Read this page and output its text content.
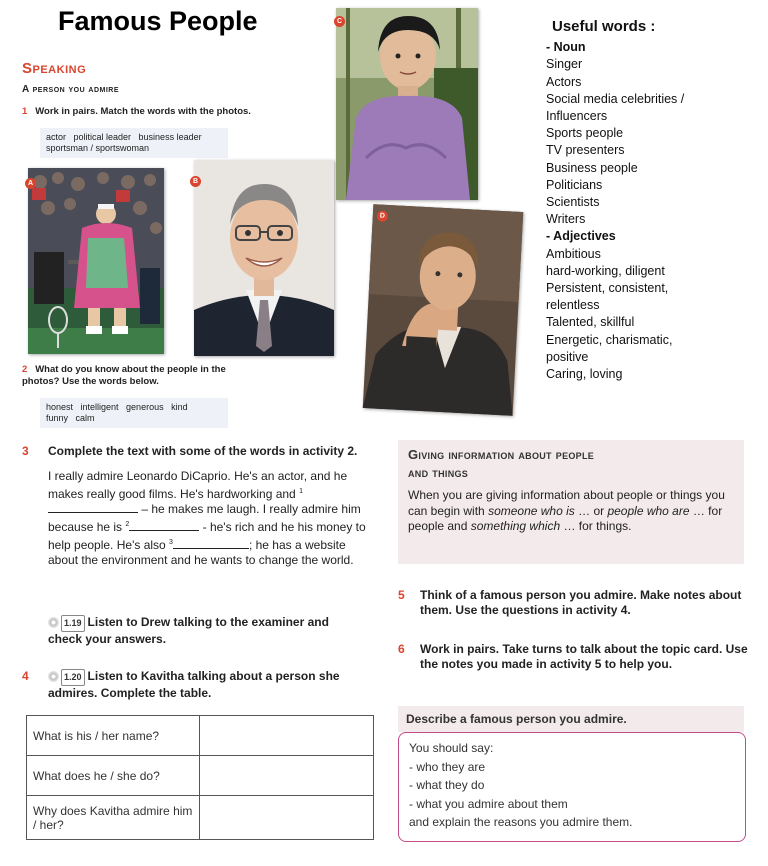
Famous People
Speaking
A person you admire
1 Work in pairs. Match the words with the photos.
actor   political leader   business leader
sportsman / sportswoman
A	B
C
D
2 What do you know about the people in the photos? Use the words below.
honest   intelligent   generous   kind
funny   calm
Useful words :
- Noun
Singer
Actors
Social media celebrities /
Influencers
Sports people
TV presenters
Business people
Politicians
Scientists
Writers
- Adjectives
Ambitious
hard-working, diligent
Persistent, consistent,
relentless
Talented, skillful
Energetic, charismatic,
positive
Caring, loving
3	Complete the text with some of the words in activity 2.
I really admire Leonardo DiCaprio. He's an actor, and he makes really good films. He's hardworking and $^1$ – he makes me laugh. I really admire him because he is $^2$	- he's rich and he his money to help people. He's also $^3$	; he has a website about the environment and he wants to change the world.
1.19 Listen to Drew talking to the examiner and check your answers.
4	1.20 Listen to Kavitha talking about a person she admires. Complete the table.
What is his / her name?	
What does he / she do?	
Why does Kavitha admire him / her?	
Giving information about people
and things
When you are giving information about people or things you can begin with someone who is … or people who are … for people and something which … for things.
5	Think of a famous person you admire. Make notes about them. Use the questions in activity 4.
6	Work in pairs. Take turns to talk about the topic card. Use the notes you made in activity 5 to help you.
Describe a famous person you admire.
You should say:
- who they are
- what they do
- what you admire about them
and explain the reasons you admire them.
